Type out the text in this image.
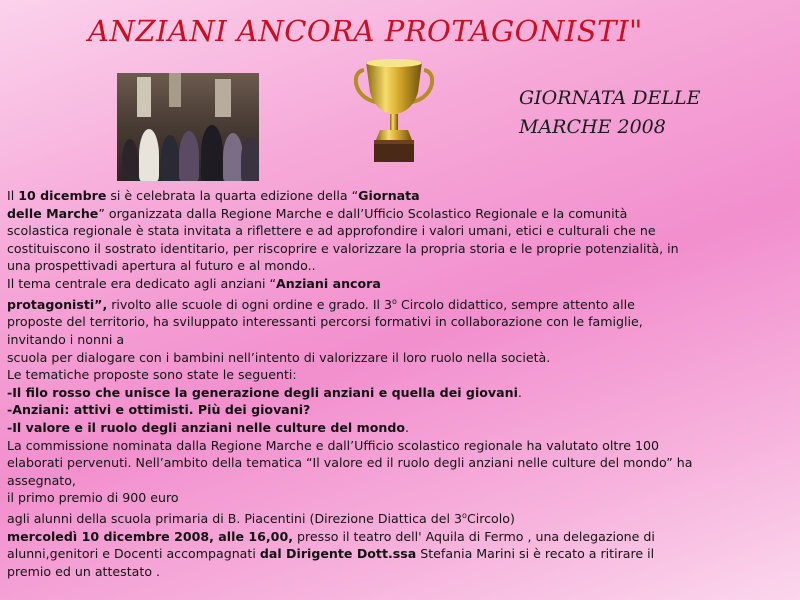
ANZIANI ANCORA PROTAGONISTI"
GIORNATA DELLE
MARCHE 2008
Il 10 dicembre si è celebrata la quarta edizione della “Giornata
delle Marche” organizzata dalla Regione Marche e dall’Ufficio Scolastico Regionale e la comunità
scolastica regionale è stata invitata a riflettere e ad approfondire i valori umani, etici e culturali che ne
costituiscono il sostrato identitario, per riscoprire e valorizzare la propria storia e le proprie potenzialità, in
una prospettivadi apertura al futuro e al mondo..
Il tema centrale era dedicato agli anziani “Anziani ancora
protagonisti”, rivolto alle scuole di ogni ordine e grado. Il 3$^o$ Circolo didattico, sempre attento alle
proposte del territorio, ha sviluppato interessanti percorsi formativi in collaborazione con le famiglie,
invitando i nonni a
scuola per dialogare con i bambini nell’intento di valorizzare il loro ruolo nella società.
Le tematiche proposte sono state le seguenti:
-Il filo rosso che unisce la generazione degli anziani e quella dei giovani.
-Anziani: attivi e ottimisti. Più dei giovani?
-Il valore e il ruolo degli anziani nelle culture del mondo.
La commissione nominata dalla Regione Marche e dall’Ufficio scolastico regionale ha valutato oltre 100
elaborati pervenuti. Nell’ambito della tematica “Il valore ed il ruolo degli anziani nelle culture del mondo” ha
assegnato,
il primo premio di 900 euro
agli alunni della scuola primaria di B. Piacentini (Direzione Diattica del 3$^o$Circolo)
mercoledì 10 dicembre 2008, alle 16,00, presso il teatro dell' Aquila di Fermo , una delegazione di
alunni,genitori e Docenti accompagnati dal Dirigente Dott.ssa Stefania Marini si è recato a ritirare il
premio ed un attestato .
